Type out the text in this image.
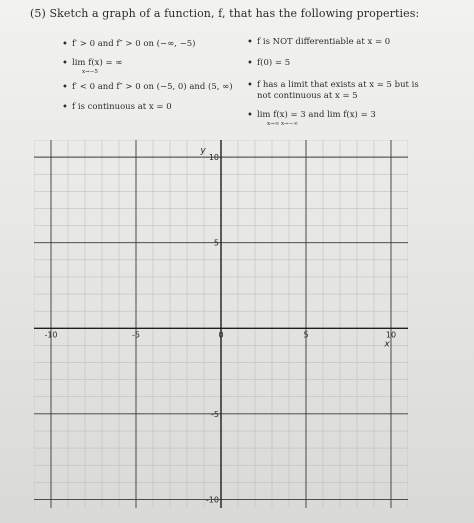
(5) Sketch a graph of a function, f, that has the following properties:
• f′ > 0 and f″ > 0 on (−∞, −5)
• lim f(x) = ∞
x→−5
• f′ < 0 and f″ > 0 on (−5, 0) and (5, ∞)
• f is continuous at x = 0
• f is NOT differentiable at x = 0
• f(0) = 5
• f has a limit that exists at x = 5 but is
not continuous at x = 5
• lim f(x) = 3 and lim f(x) = 3
x→∞ x→−∞
-10	-5	0	5	10
10
5
-5
-10
x
y
